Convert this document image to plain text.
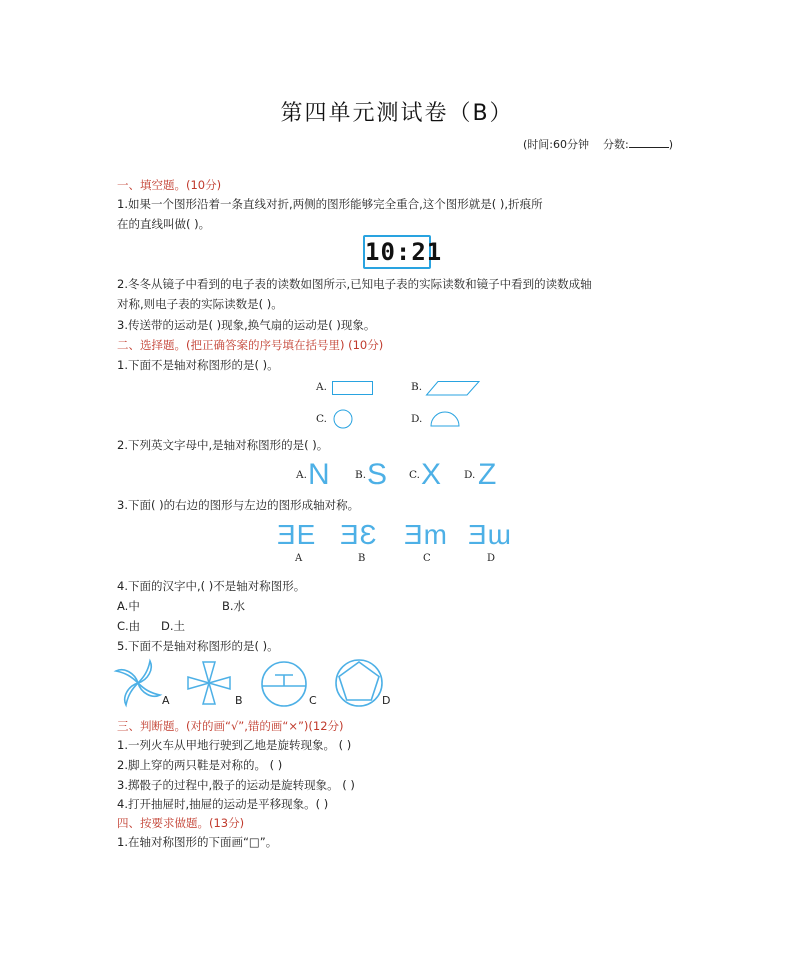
第四单元测试卷（B）
(时间:60分钟 分数:	)
一、填空题。(10分)
1.如果一个图形沿着一条直线对折,两侧的图形能够完全重合,这个图形就是( ),折痕所
在的直线叫做( )。
10:21
2.冬冬从镜子中看到的电子表的读数如图所示,已知电子表的实际读数和镜子中看到的读数成轴
对称,则电子表的实际读数是( )。
3.传送带的运动是( )现象,换气扇的运动是( )现象。
二、选择题。(把正确答案的序号填在括号里) (10分)
1.下面不是轴对称图形的是( )。
A.	B.
C.	D.
2.下列英文字母中,是轴对称图形的是( )。
A. N B. S C. X D. Z
3.下面( )的右边的图形与左边的图形成轴对称。
ƎE ƎƐ Ǝm Ǝɯ
A	B	C	D
4.下面的汉字中,( )不是轴对称图形。
A.中	B.水
C.由 D.土
5.下面不是轴对称图形的是( )。
A	B	C	D
三、判断题。(对的画“√”,错的画“×”)(12分)
1.一列火车从甲地行驶到乙地是旋转现象。 ( )
2.脚上穿的两只鞋是对称的。 ( )
3.掷骰子的过程中,骰子的运动是旋转现象。 ( )
4.打开抽屉时,抽屉的运动是平移现象。( )
四、按要求做题。(13分)
1.在轴对称图形的下面画“□”。
